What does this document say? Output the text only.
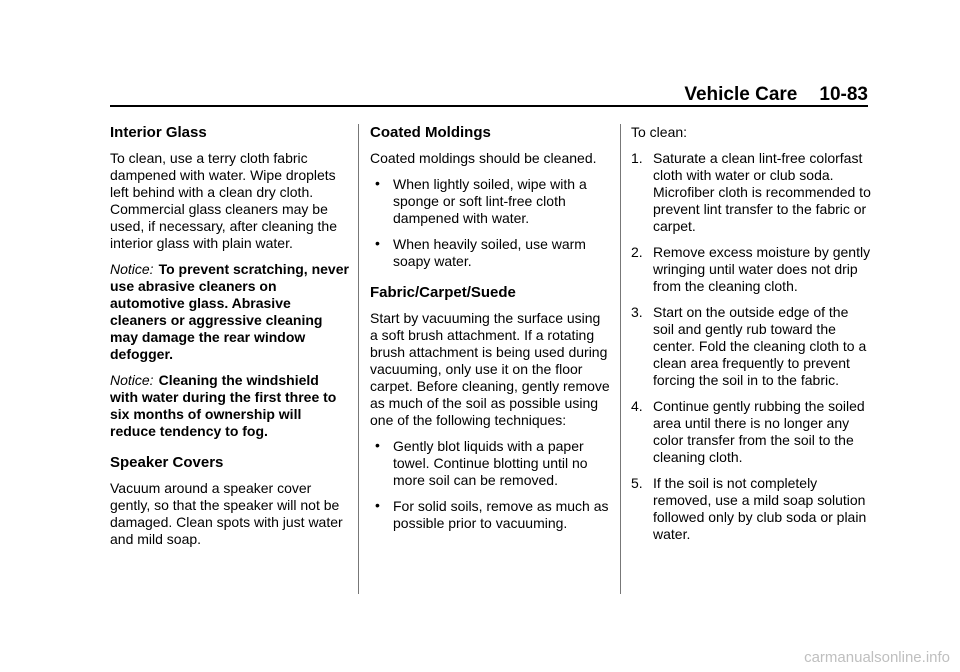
Vehicle Care 10-83
Interior Glass

To clean, use a terry cloth fabric dampened with water. Wipe droplets left behind with a clean dry cloth. Commercial glass cleaners may be used, if necessary, after cleaning the interior glass with plain water.

Notice: To prevent scratching, never use abrasive cleaners on automotive glass. Abrasive cleaners or aggressive cleaning may damage the rear window defogger.

Notice: Cleaning the windshield with water during the first three to six months of ownership will reduce tendency to fog.

Speaker Covers

Vacuum around a speaker cover gently, so that the speaker will not be damaged. Clean spots with just water and mild soap.

Coated Moldings

Coated moldings should be cleaned.

• When lightly soiled, wipe with a sponge or soft lint-free cloth dampened with water.
• When heavily soiled, use warm soapy water.
Fabric/Carpet/Suede

Start by vacuuming the surface using a soft brush attachment. If a rotating brush attachment is being used during vacuuming, only use it on the floor carpet. Before cleaning, gently remove as much of the soil as possible using one of the following techniques:

• Gently blot liquids with a paper towel. Continue blotting until no more soil can be removed.
• For solid soils, remove as much as possible prior to vacuuming.

To clean:

1. Saturate a clean lint-free colorfast cloth with water or club soda. Microfiber cloth is recommended to prevent lint transfer to the fabric or carpet.
2. Remove excess moisture by gently wringing until water does not drip from the cleaning cloth.
3. Start on the outside edge of the soil and gently rub toward the center. Fold the cleaning cloth to a clean area frequently to prevent forcing the soil in to the fabric.
4. Continue gently rubbing the soiled area until there is no longer any color transfer from the soil to the cleaning cloth.
5. If the soil is not completely removed, use a mild soap solution followed only by club soda or plain water.
carmanualsonline.info
